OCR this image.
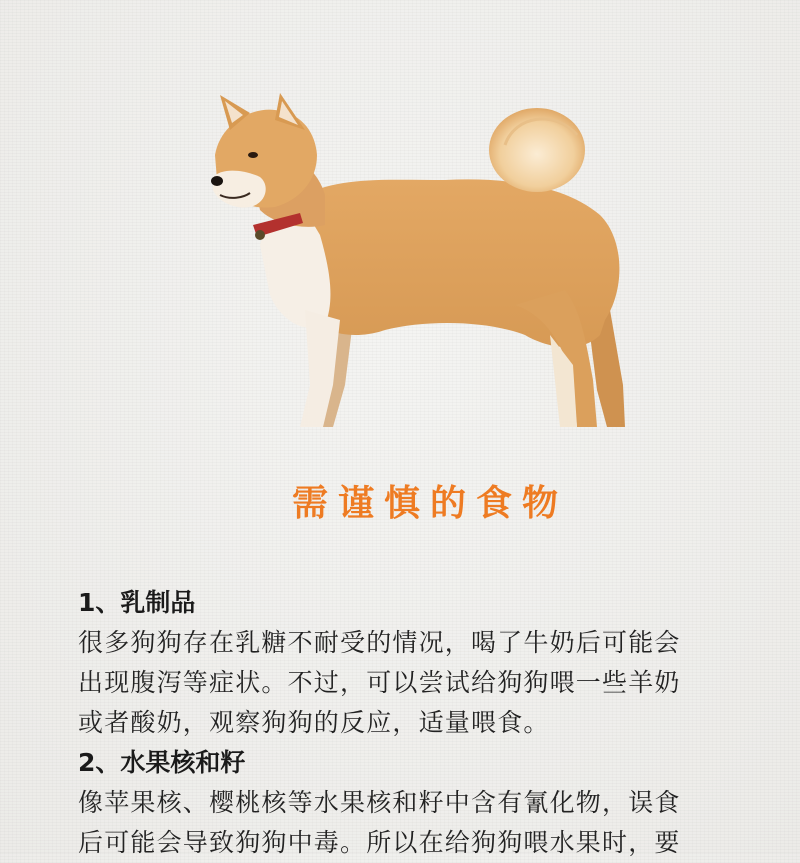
需谨慎的食物

1、乳制品

很多狗狗存在乳糖不耐受的情况，喝了牛奶后可能会

出现腹泻等症状。不过，可以尝试给狗狗喂一些羊奶

或者酸奶，观察狗狗的反应，适量喂食。

2、水果核和籽

像苹果核、樱桃核等水果核和籽中含有氰化物，误食

后可能会导致狗狗中毒。所以在给狗狗喂水果时，要
